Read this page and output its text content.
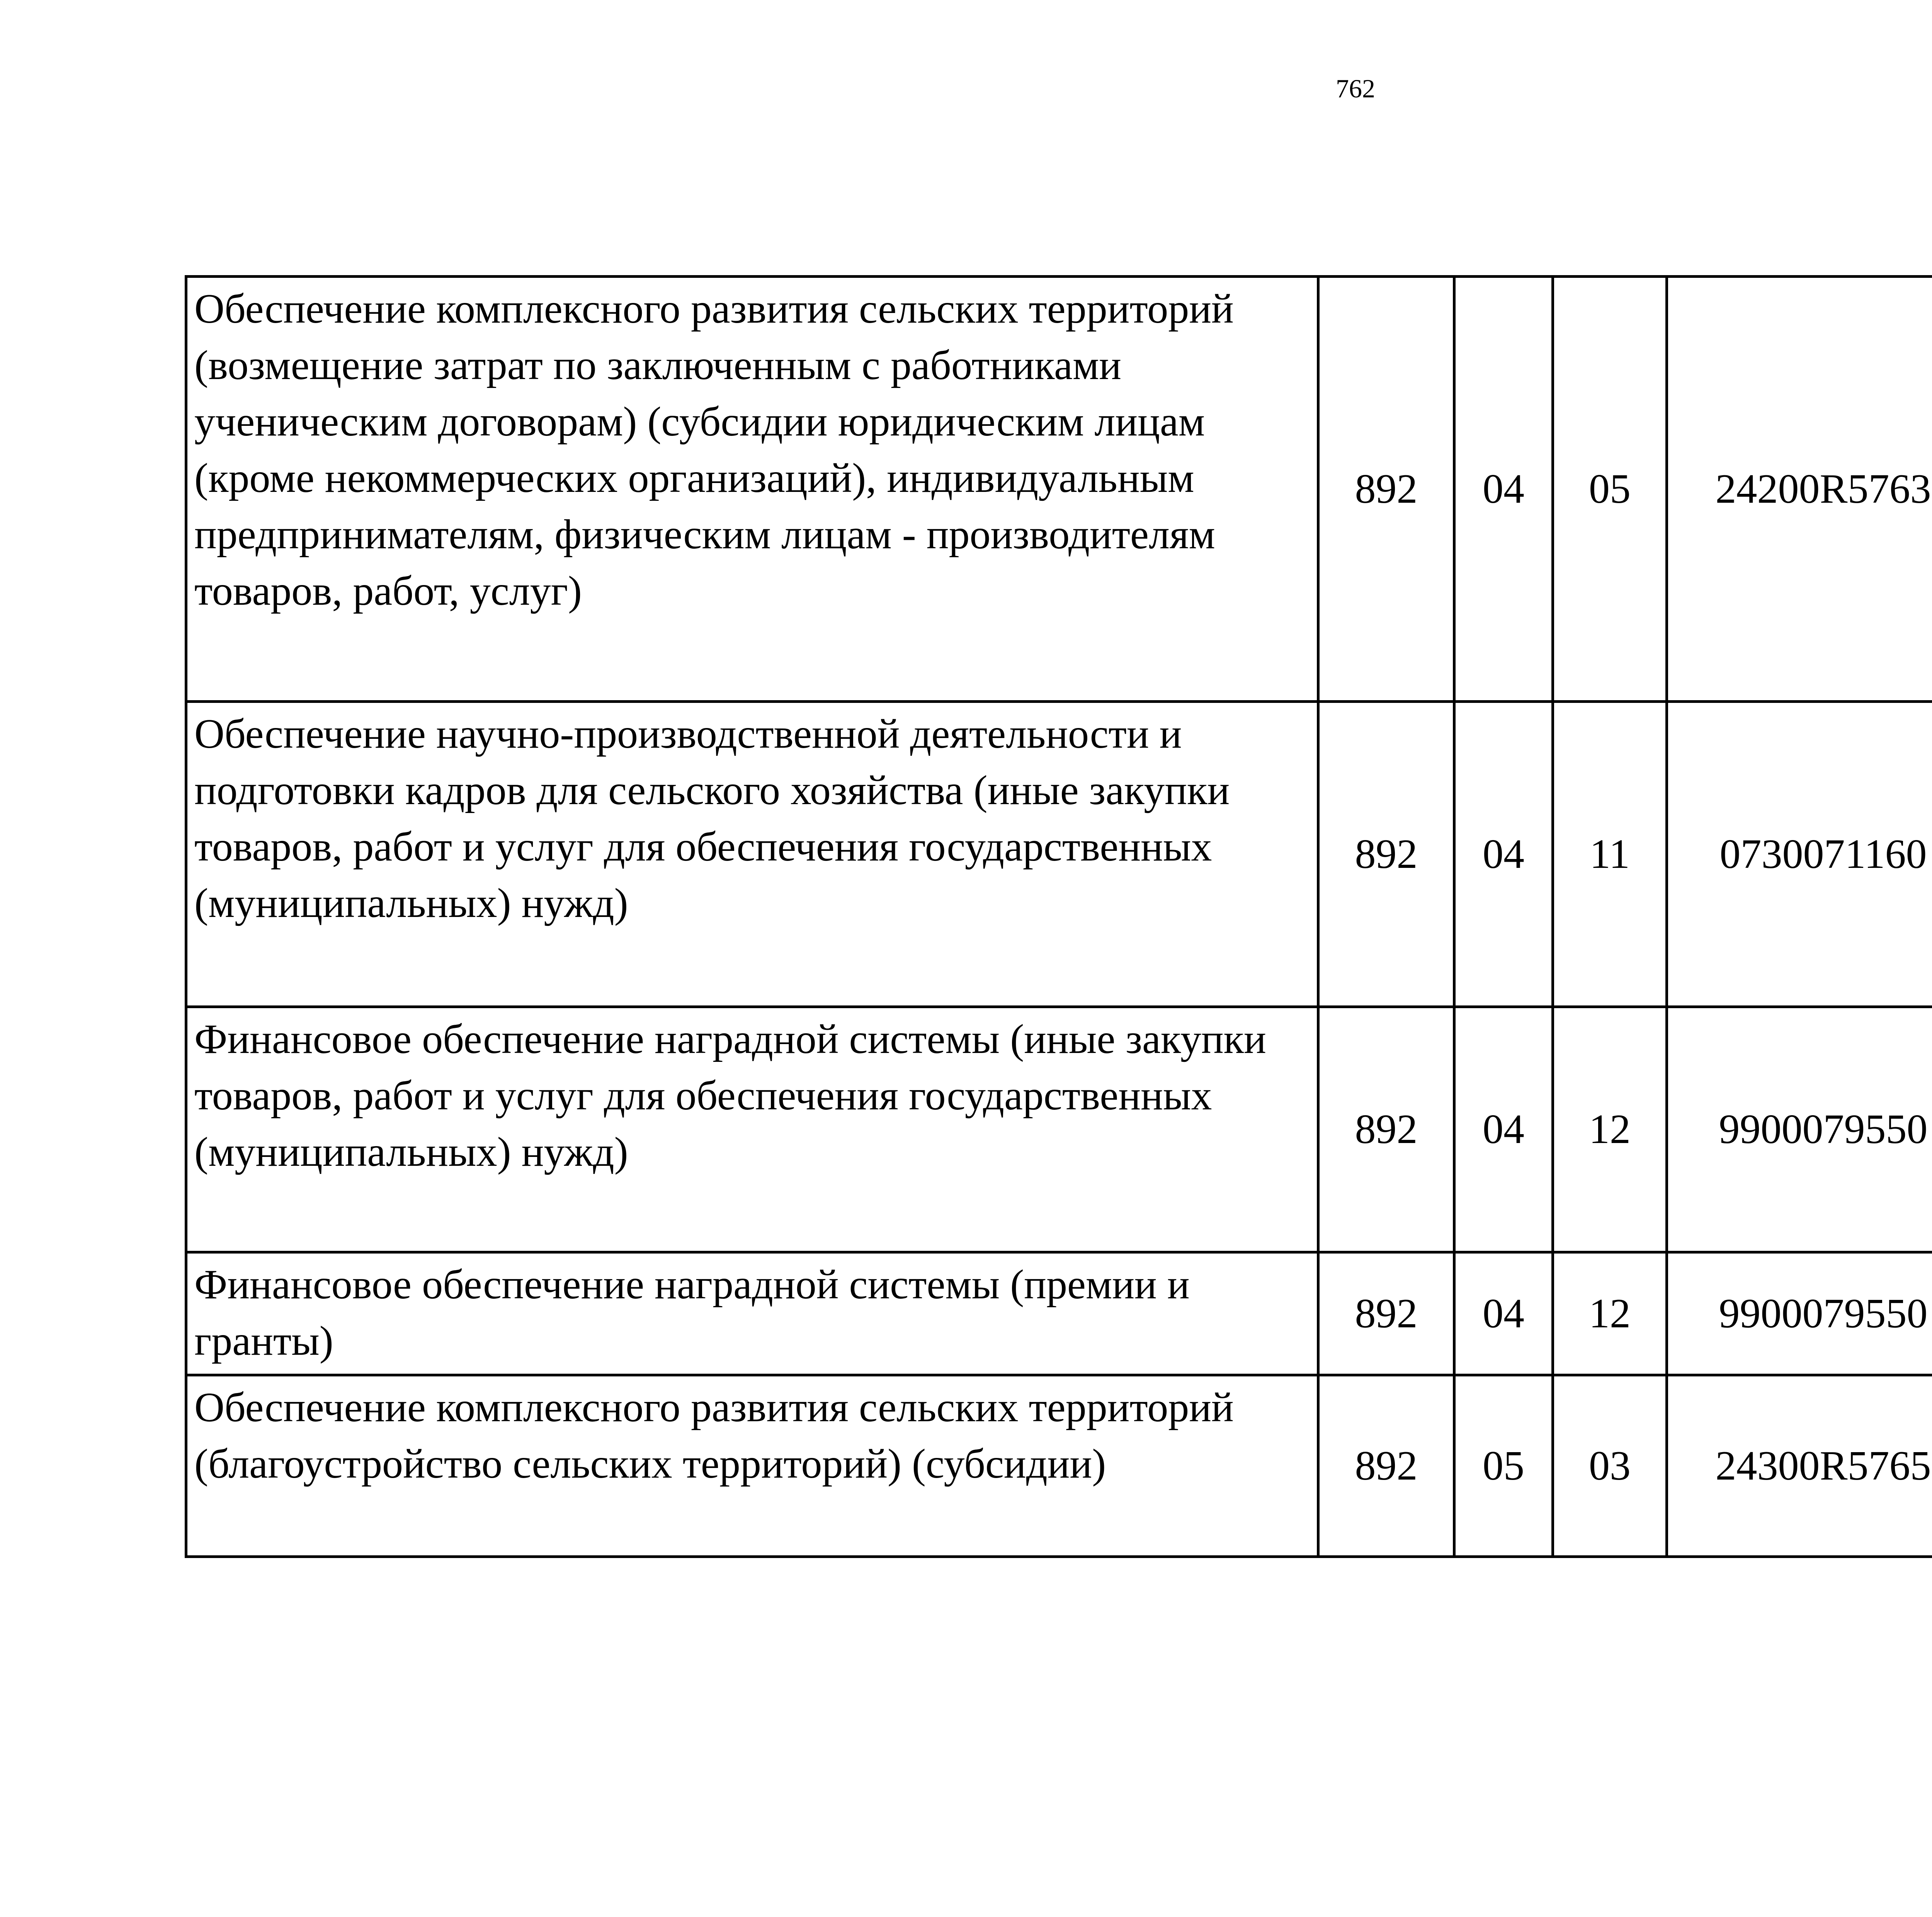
762
Обеспечение комплексного развития сельских территорий (возмещение затрат по заключенным с работниками ученическим договорам) (субсидии юридическим лицам (кроме некоммерческих организаций), индивидуальным предпринимателям, физическим лицам - производителям товаров, работ, услуг)	892	04	05	24200R5763		
Обеспечение научно-производственной деятельности и подготовки кадров для сельского хозяйства (иные закупки товаров, работ и услуг для обеспечения государственных (муниципальных) нужд)	892	04	11	0730071160		
Финансовое обеспечение наградной системы (иные закупки товаров, работ и услуг для обеспечения государственных (муниципальных) нужд)	892	04	12	9900079550		
Финансовое обеспечение наградной системы (премии и гранты)	892	04	12	9900079550		
Обеспечение комплексного развития сельских территорий (благоустройство сельских территорий) (субсидии)	892	05	03	24300R5765		
